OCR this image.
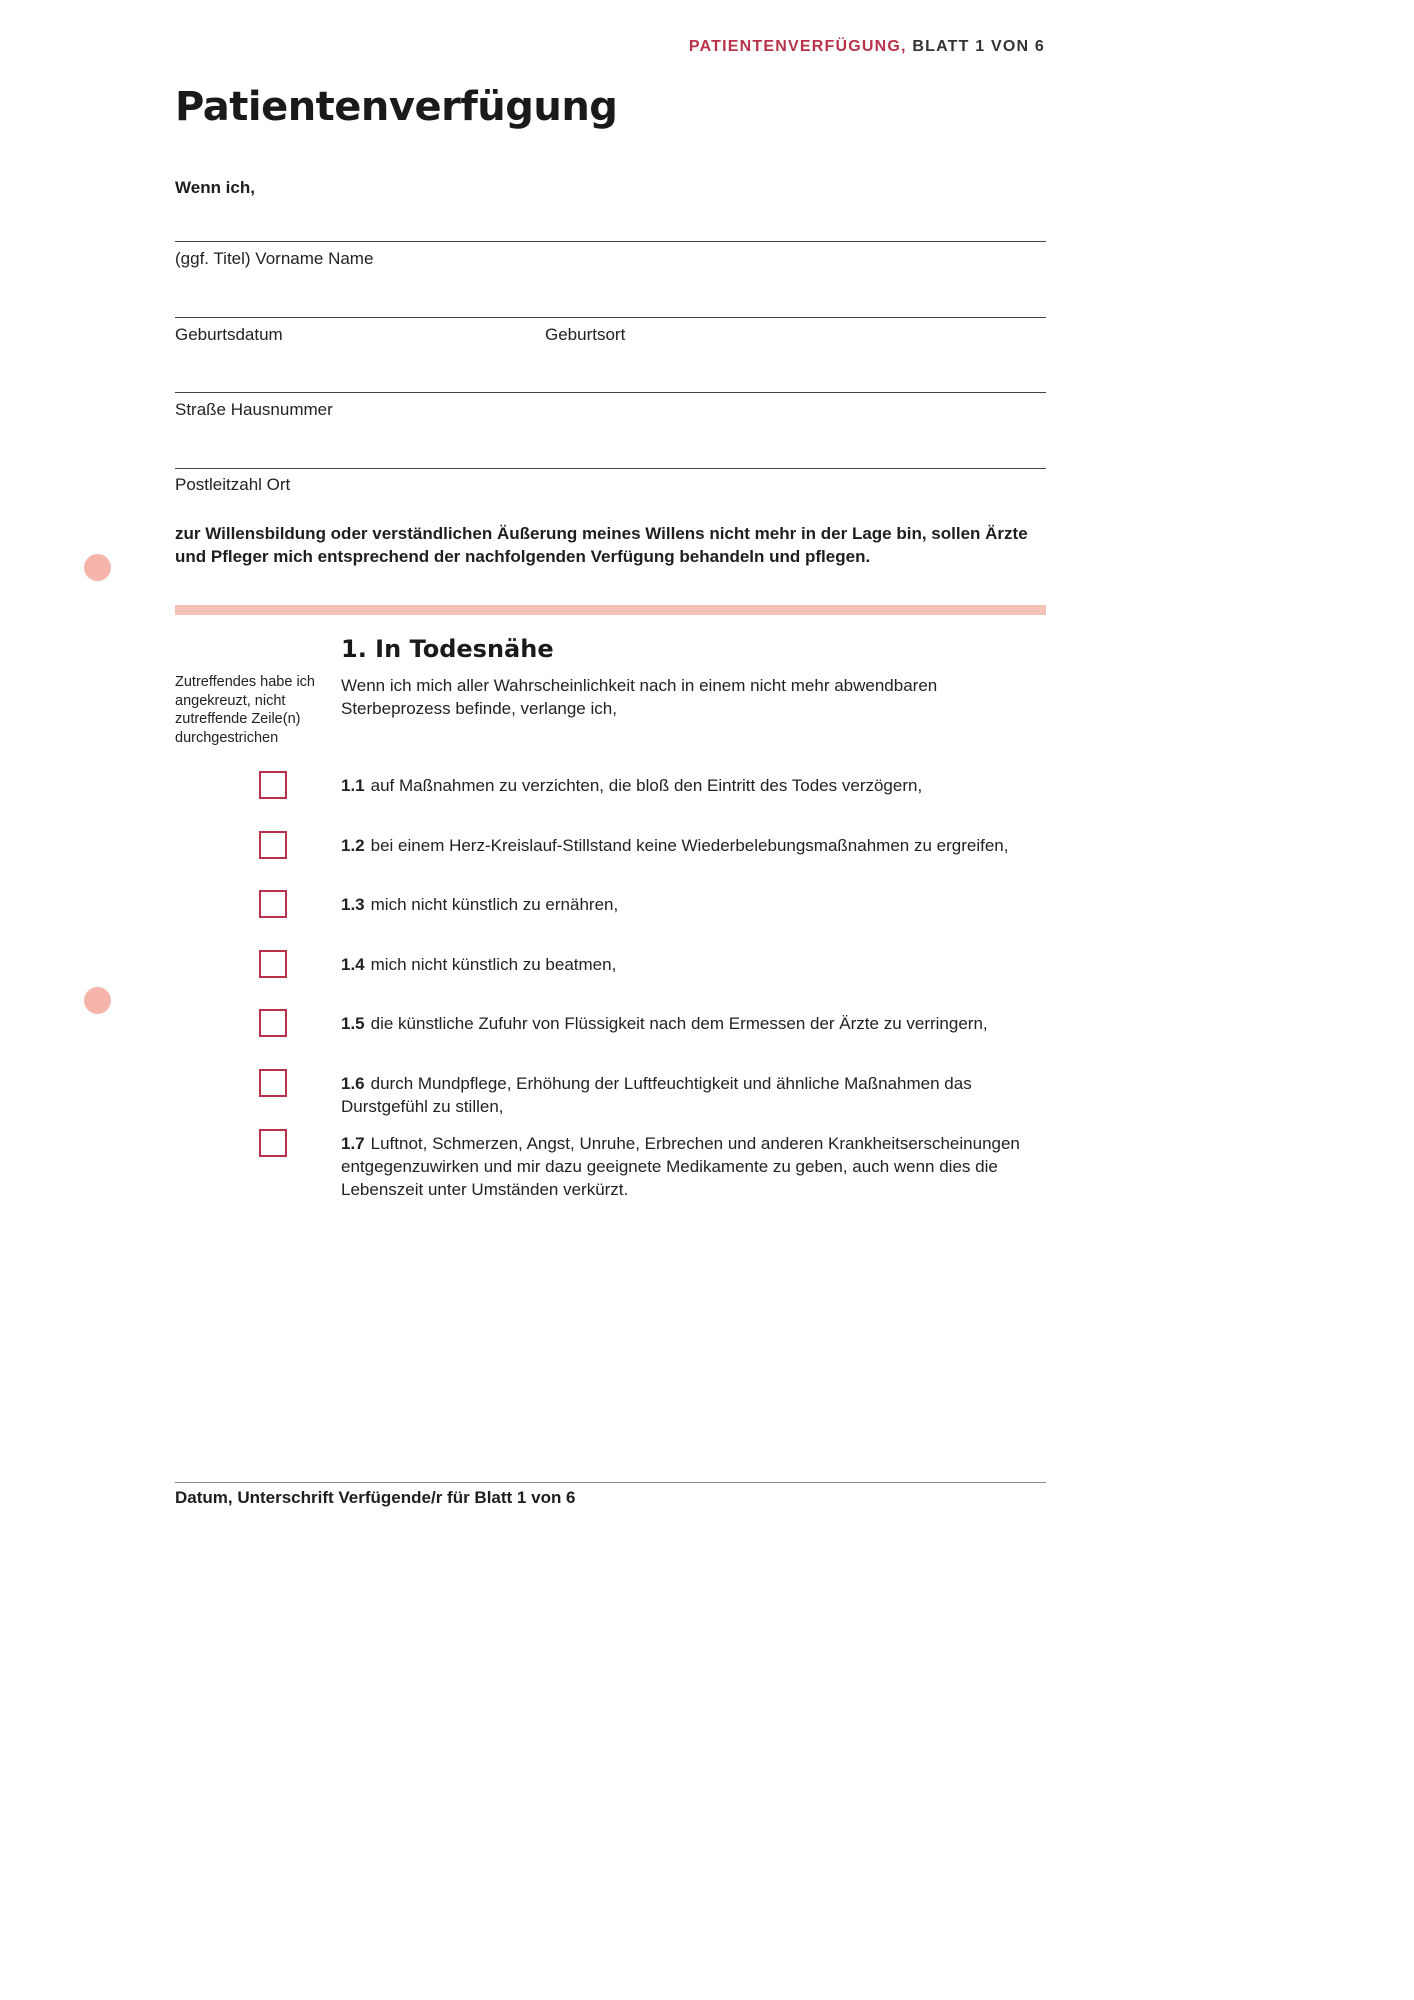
PATIENTENVERFÜGUNG, BLATT 1 VON 6
Patientenverfügung
Wenn ich,
(ggf. Titel) Vorname Name
Geburtsdatum	Geburtsort
Straße Hausnummer
Postleitzahl Ort
zur Willensbildung oder verständlichen Äußerung meines Willens nicht mehr in der Lage bin, sollen Ärzte und Pfleger mich entsprechend der nachfolgenden Verfügung behandeln und pflegen.
1. In Todesnähe
Zutreffendes habe ich angekreuzt, nicht zutreffende Zeile(n) durchgestrichen
Wenn ich mich aller Wahrscheinlichkeit nach in einem nicht mehr abwendbaren Sterbeprozess befinde, verlange ich,
1.1 auf Maßnahmen zu verzichten, die bloß den Eintritt des Todes verzögern,
1.2 bei einem Herz-Kreislauf-Stillstand keine Wiederbelebungsmaßnahmen zu ergreifen,
1.3 mich nicht künstlich zu ernähren,
1.4 mich nicht künstlich zu beatmen,
1.5 die künstliche Zufuhr von Flüssigkeit nach dem Ermessen der Ärzte zu verringern,
1.6 durch Mundpflege, Erhöhung der Luftfeuchtigkeit und ähnliche Maßnahmen das Durstgefühl zu stillen,
1.7 Luftnot, Schmerzen, Angst, Unruhe, Erbrechen und anderen Krankheitserscheinungen entgegenzuwirken und mir dazu geeignete Medikamente zu geben, auch wenn dies die Lebenszeit unter Umständen verkürzt.
Datum, Unterschrift Verfügende/r für Blatt 1 von 6
